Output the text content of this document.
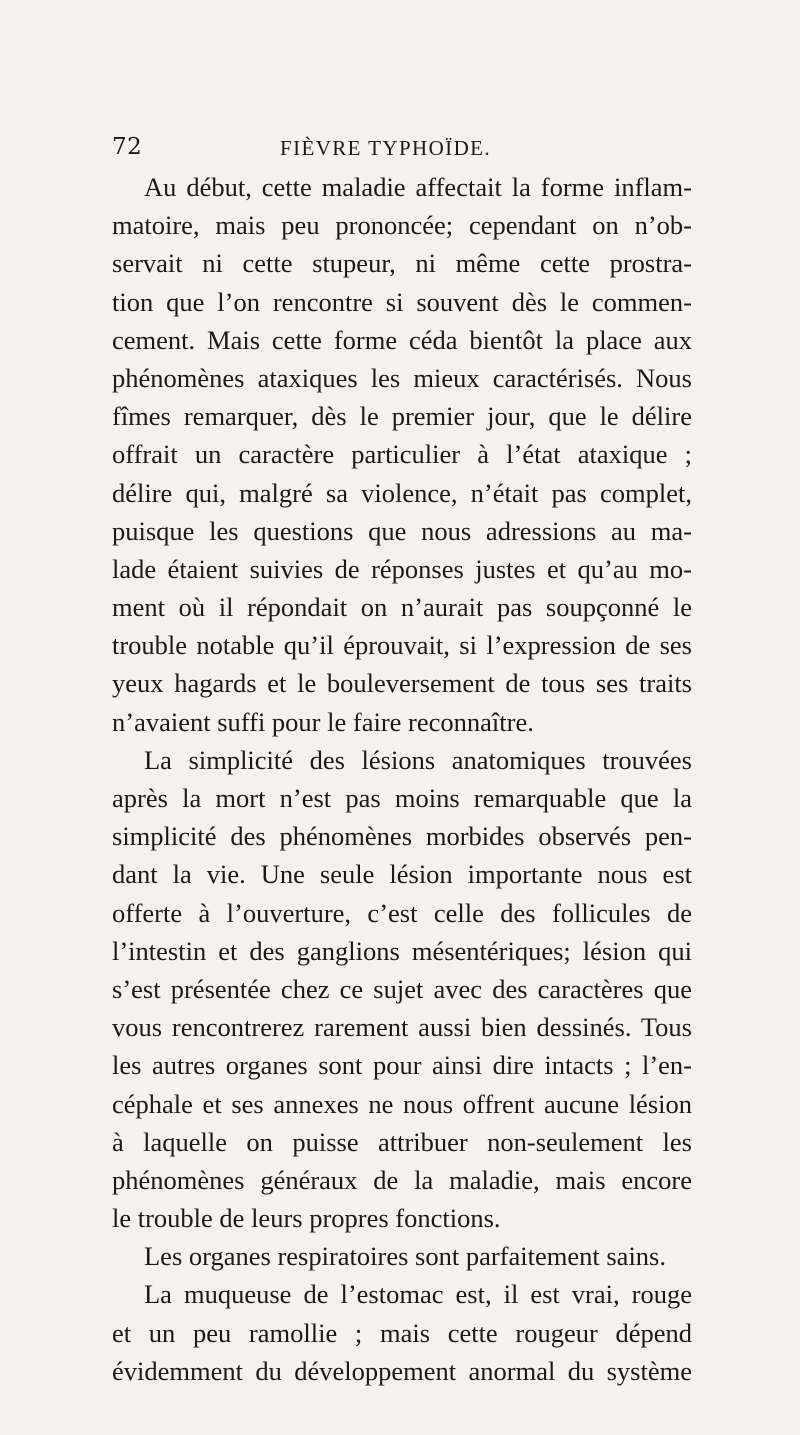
72	FIÈVRE TYPHOÏDE.
Au début, cette maladie affectait la forme inflam-
matoire, mais peu prononcée; cependant on n’ob-
servait ni cette stupeur, ni même cette prostra-
tion que l’on rencontre si souvent dès le commen-
cement. Mais cette forme céda bientôt la place aux
phénomènes ataxiques les mieux caractérisés. Nous
fîmes remarquer, dès le premier jour, que le délire
offrait un caractère particulier à l’état ataxique ;
délire qui, malgré sa violence, n’était pas complet,
puisque les questions que nous adressions au ma-
lade étaient suivies de réponses justes et qu’au mo-
ment où il répondait on n’aurait pas soupçonné le
trouble notable qu’il éprouvait, si l’expression de ses
yeux hagards et le bouleversement de tous ses traits
n’avaient suffi pour le faire reconnaître.
La simplicité des lésions anatomiques trouvées
après la mort n’est pas moins remarquable que la
simplicité des phénomènes morbides observés pen-
dant la vie. Une seule lésion importante nous est
offerte à l’ouverture, c’est celle des follicules de
l’intestin et des ganglions mésentériques; lésion qui
s’est présentée chez ce sujet avec des caractères que
vous rencontrerez rarement aussi bien dessinés. Tous
les autres organes sont pour ainsi dire intacts ; l’en-
céphale et ses annexes ne nous offrent aucune lésion
à laquelle on puisse attribuer non-seulement les
phénomènes généraux de la maladie, mais encore
le trouble de leurs propres fonctions.
Les organes respiratoires sont parfaitement sains.
La muqueuse de l’estomac est, il est vrai, rouge
et un peu ramollie ; mais cette rougeur dépend
évidemment du développement anormal du système
